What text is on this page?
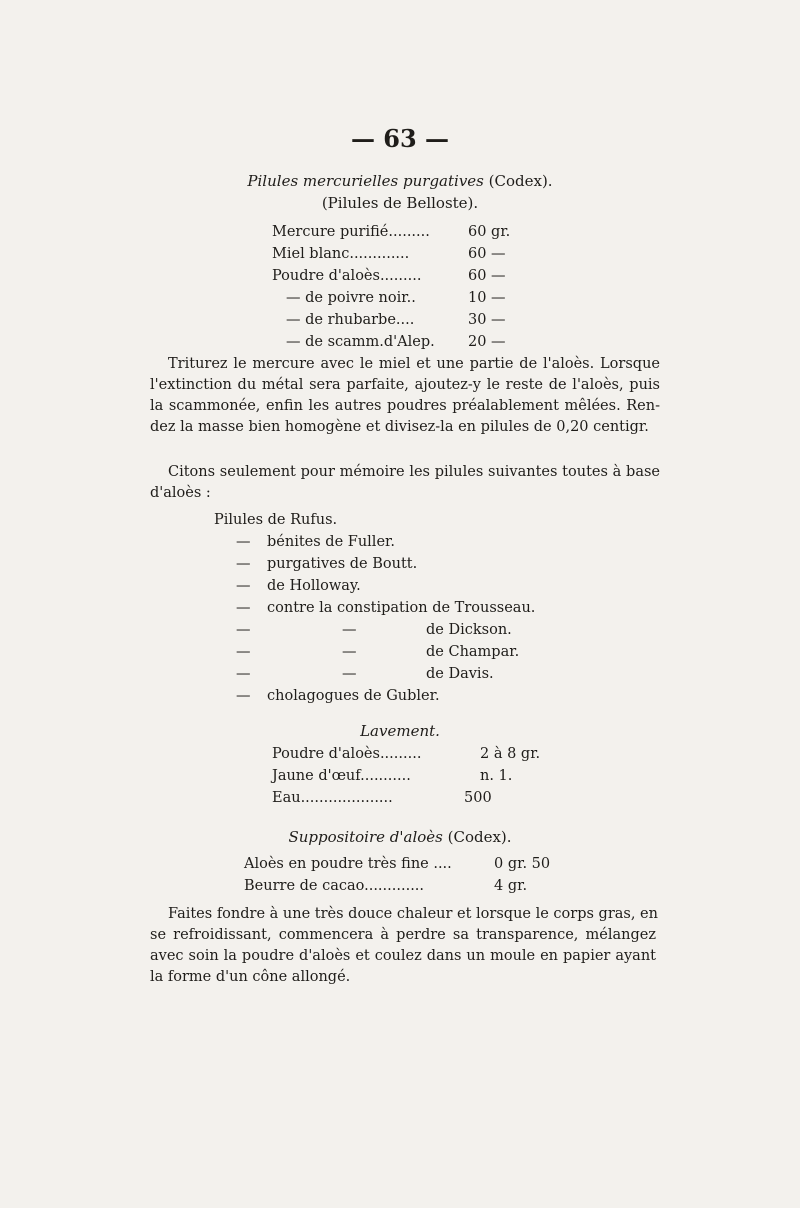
— 63 —
Pilules mercurielles purgatives (Codex).
(Pilules de Belloste).
Mercure purifié.........	60 gr.
Miel blanc.............	60 —
Poudre d'aloès.........	60 —
— de poivre noir..	10 —
— de rhubarbe....	30 —
— de scamm.d'Alep. 20 —
Triturez le mercure avec le miel et une partie de l'aloès. Lorsque
l'extinction du métal sera parfaite, ajoutez-y le reste de l'aloès, puis
la scammonée, enfin les autres poudres préalablement mêlées. Ren-
dez la masse bien homogène et divisez-la en pilules de 0,20 centigr.
Citons seulement pour mémoire les pilules suivantes toutes à base
d'aloès :
Pilules de Rufus.
— bénites de Fuller.
— purgatives de Boutt.
— de Holloway.
— contre la constipation de Trousseau.
—	—	de Dickson.
—	—	de Champar.
—	—	de Davis.
— cholagogues de Gubler.
Lavement.
Poudre d'aloès.........	2 à 8 gr.
Jaune d'œuf...........	n. 1.
Eau....................	500
Suppositoire d'aloès (Codex).
Aloès en poudre très fine ....	0 gr. 50
Beurre de cacao.............	4 gr.
Faites fondre à une très douce chaleur et lorsque le corps gras, en
se refroidissant, commencera à perdre sa transparence, mélangez
avec soin la poudre d'aloès et coulez dans un moule en papier ayant
la forme d'un cône allongé.
